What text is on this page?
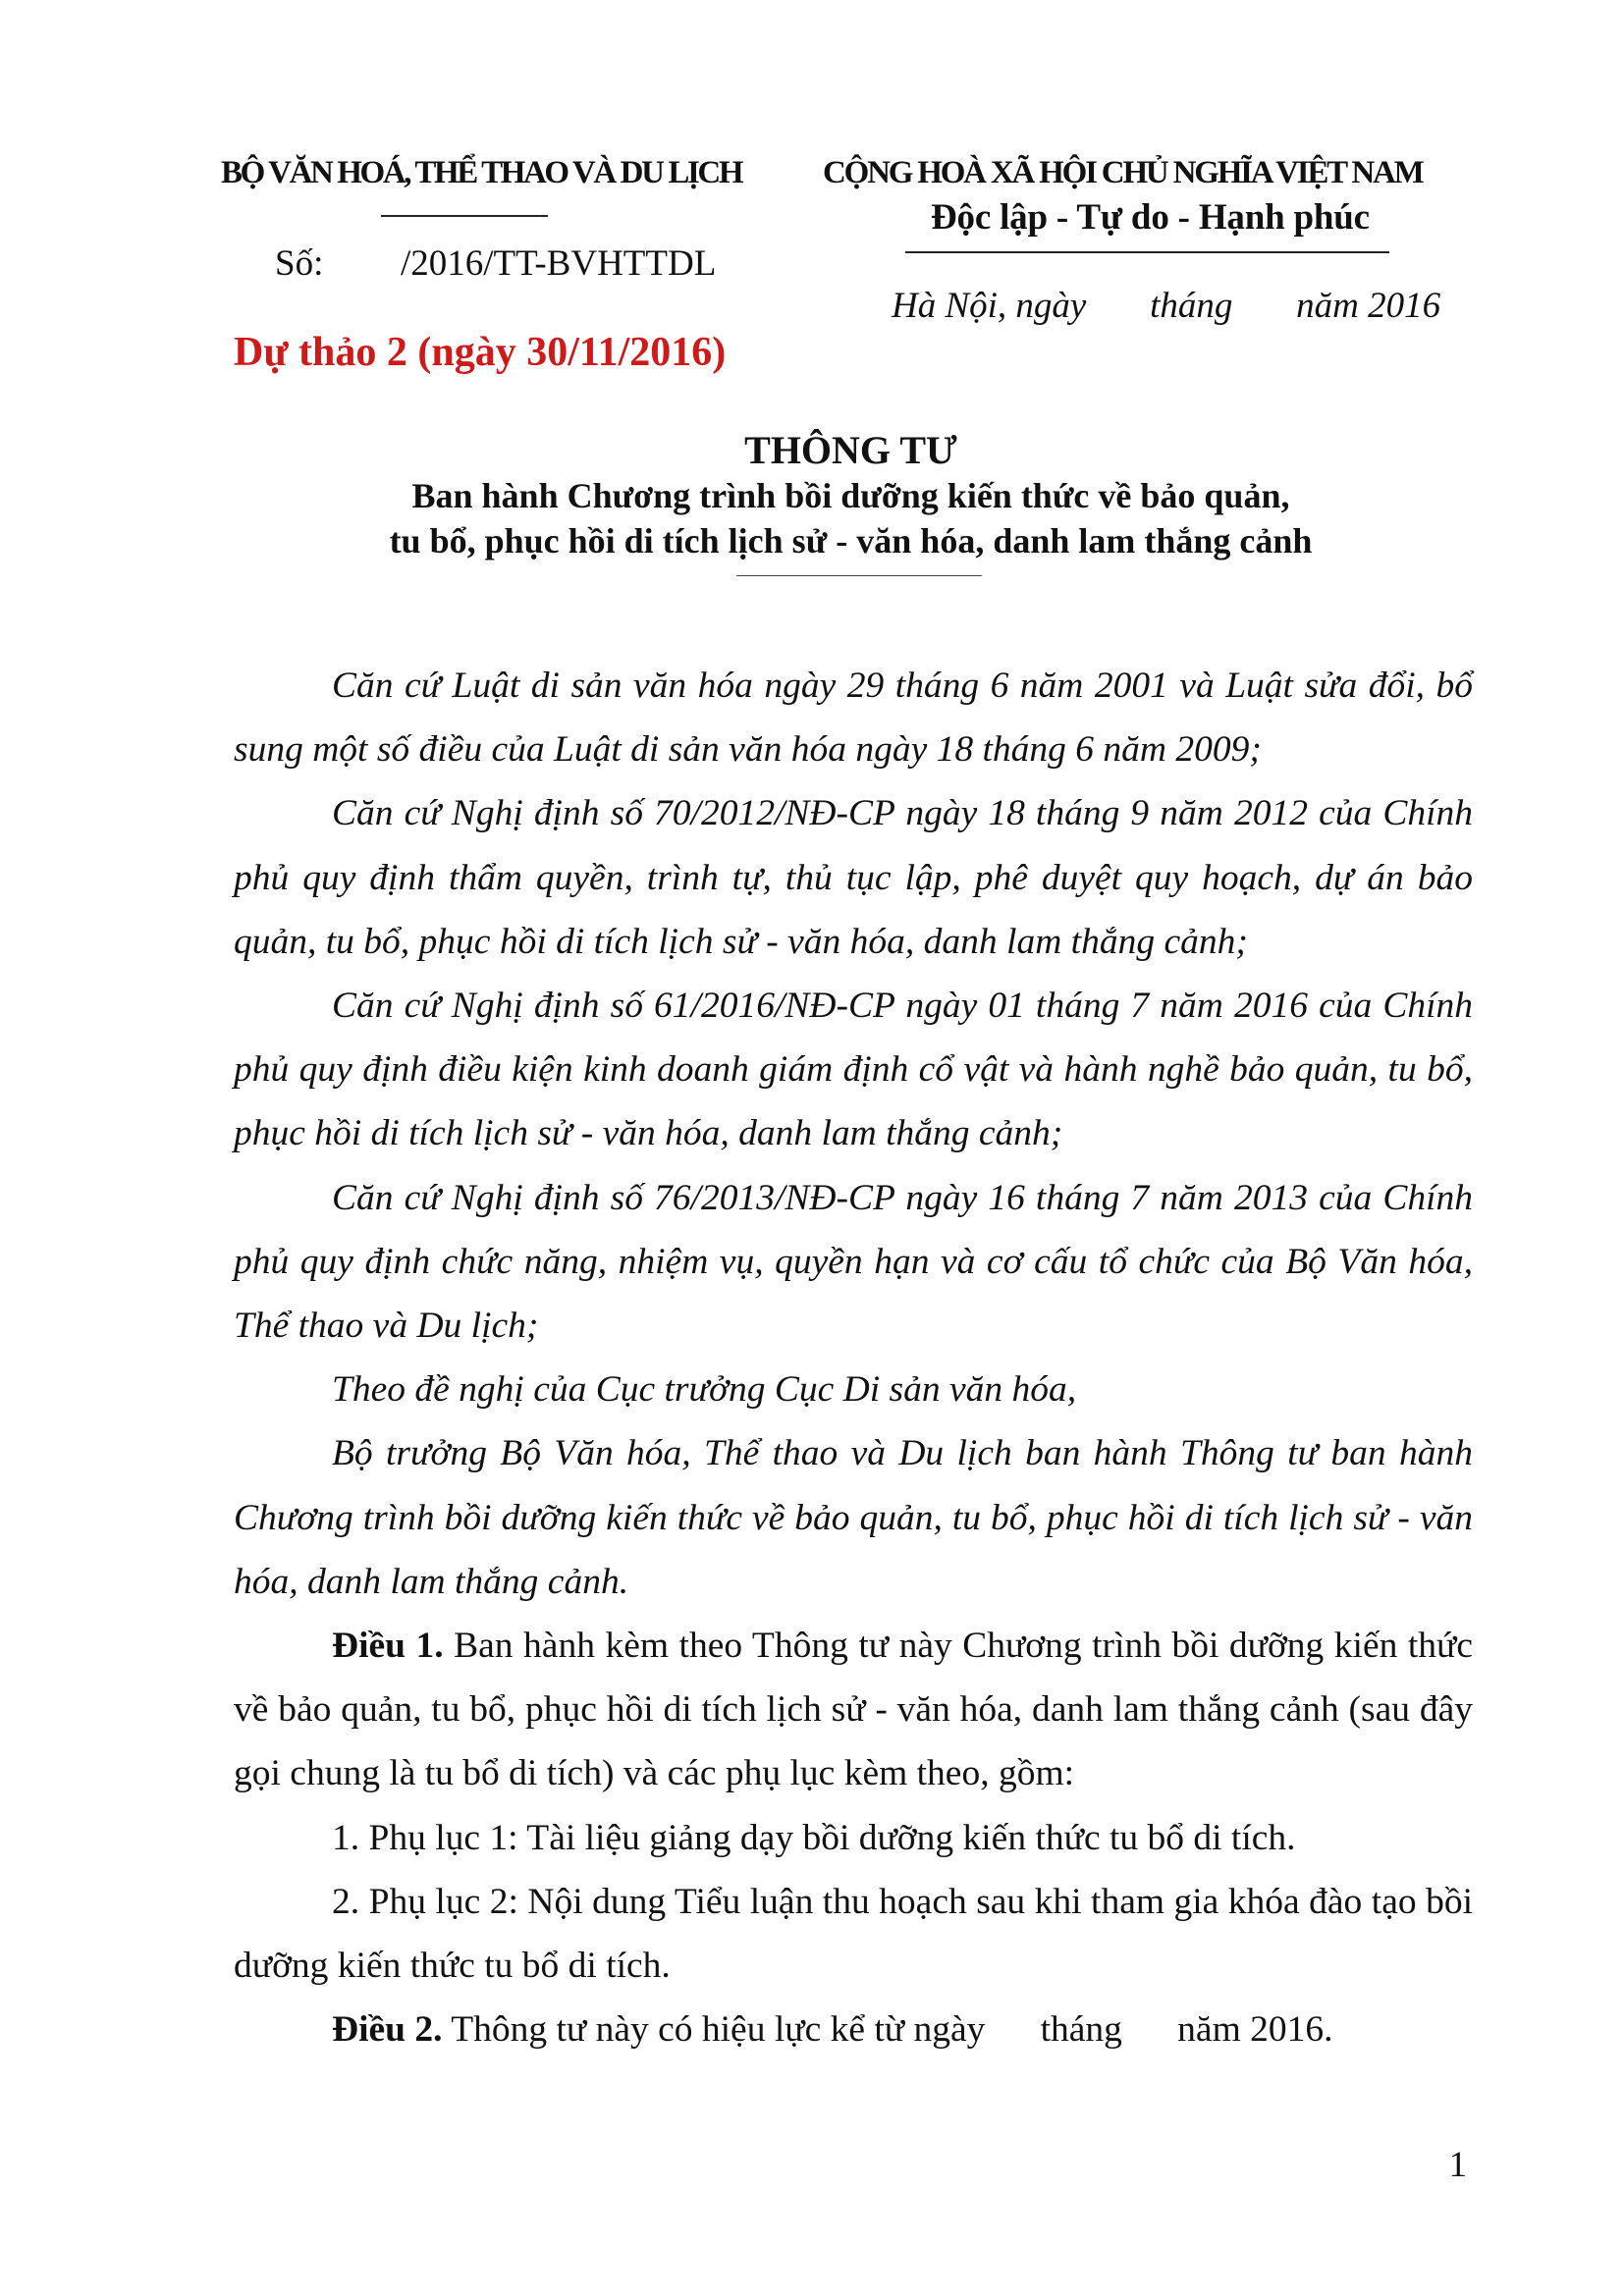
BỘ VĂN HOÁ, THỂ THAO VÀ DU LỊCH	CỘNG HOÀ XÃ HỘI CHỦ NGHĨA VIỆT NAM
Độc lập - Tự do - Hạnh phúc
Số: /2016/TT-BVHTTDL
Hà Nội, ngày       tháng       năm 2016
Dự thảo 2 (ngày 30/11/2016)
THÔNG TƯ
Ban hành Chương trình bồi dưỡng kiến thức về bảo quản,
tu bổ, phục hồi di tích lịch sử - văn hóa, danh lam thắng cảnh

Căn cứ Luật di sản văn hóa ngày 29 tháng 6 năm 2001 và Luật sửa đổi, bổ sung một số điều của Luật di sản văn hóa ngày 18 tháng 6 năm 2009;

Căn cứ Nghị định số 70/2012/NĐ-CP ngày 18 tháng 9 năm 2012 của Chính phủ quy định thẩm quyền, trình tự, thủ tục lập, phê duyệt quy hoạch, dự án bảo quản, tu bổ, phục hồi di tích lịch sử - văn hóa, danh lam thắng cảnh;

Căn cứ Nghị định số 61/2016/NĐ-CP ngày 01 tháng 7 năm 2016 của Chính phủ quy định điều kiện kinh doanh giám định cổ vật và hành nghề bảo quản, tu bổ, phục hồi di tích lịch sử - văn hóa, danh lam thắng cảnh;

Căn cứ Nghị định số 76/2013/NĐ-CP ngày 16 tháng 7 năm 2013 của Chính phủ quy định chức năng, nhiệm vụ, quyền hạn và cơ cấu tổ chức của Bộ Văn hóa, Thể thao và Du lịch;

Theo đề nghị của Cục trưởng Cục Di sản văn hóa,

Bộ trưởng Bộ Văn hóa, Thể thao và Du lịch ban hành Thông tư ban hành Chương trình bồi dưỡng kiến thức về bảo quản, tu bổ, phục hồi di tích lịch sử - văn hóa, danh lam thắng cảnh.

Điều 1. Ban hành kèm theo Thông tư này Chương trình bồi dưỡng kiến thức về bảo quản, tu bổ, phục hồi di tích lịch sử - văn hóa, danh lam thắng cảnh (sau đây gọi chung là tu bổ di tích) và các phụ lục kèm theo, gồm:

1. Phụ lục 1: Tài liệu giảng dạy bồi dưỡng kiến thức tu bổ di tích.

2. Phụ lục 2: Nội dung Tiểu luận thu hoạch sau khi tham gia khóa đào tạo bồi dưỡng kiến thức tu bổ di tích.

Điều 2. Thông tư này có hiệu lực kể từ ngày      tháng      năm 2016.

1
